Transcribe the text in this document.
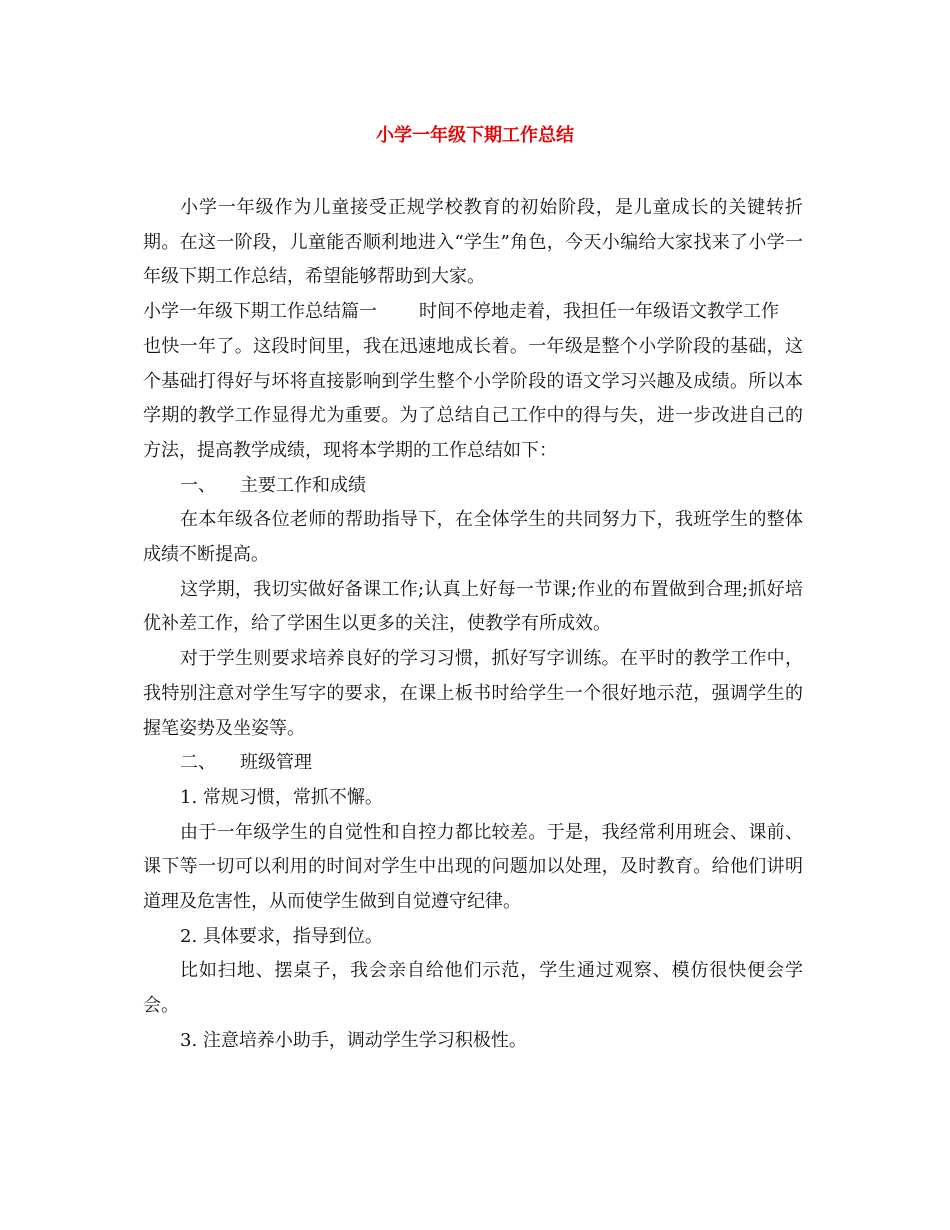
小学一年级下期工作总结

小学一年级作为儿童接受正规学校教育的初始阶段，是儿童成长的关键转折期。在这一阶段，儿童能否顺利地进入“学生”角色，今天小编给大家找来了小学一年级下期工作总结，希望能够帮助到大家。

小学一年级下期工作总结篇一 时间不停地走着，我担任一年级语文教学工作

也快一年了。这段时间里，我在迅速地成长着。一年级是整个小学阶段的基础，这个基础打得好与坏将直接影响到学生整个小学阶段的语文学习兴趣及成绩。所以本学期的教学工作显得尤为重要。为了总结自己工作中的得与失，进一步改进自己的方法，提高教学成绩，现将本学期的工作总结如下：

一、 主要工作和成绩

在本年级各位老师的帮助指导下，在全体学生的共同努力下，我班学生的整体成绩不断提高。

这学期，我切实做好备课工作;认真上好每一节课;作业的布置做到合理;抓好培优补差工作，给了学困生以更多的关注，使教学有所成效。

对于学生则要求培养良好的学习习惯，抓好写字训练。在平时的教学工作中，我特别注意对学生写字的要求，在课上板书时给学生一个很好地示范，强调学生的握笔姿势及坐姿等。

二、 班级管理

1. 常规习惯，常抓不懈。

由于一年级学生的自觉性和自控力都比较差。于是，我经常利用班会、课前、课下等一切可以利用的时间对学生中出现的问题加以处理，及时教育。给他们讲明道理及危害性，从而使学生做到自觉遵守纪律。

2. 具体要求，指导到位。

比如扫地、摆桌子，我会亲自给他们示范，学生通过观察、模仿很快便会学会。

3. 注意培养小助手，调动学生学习积极性。
